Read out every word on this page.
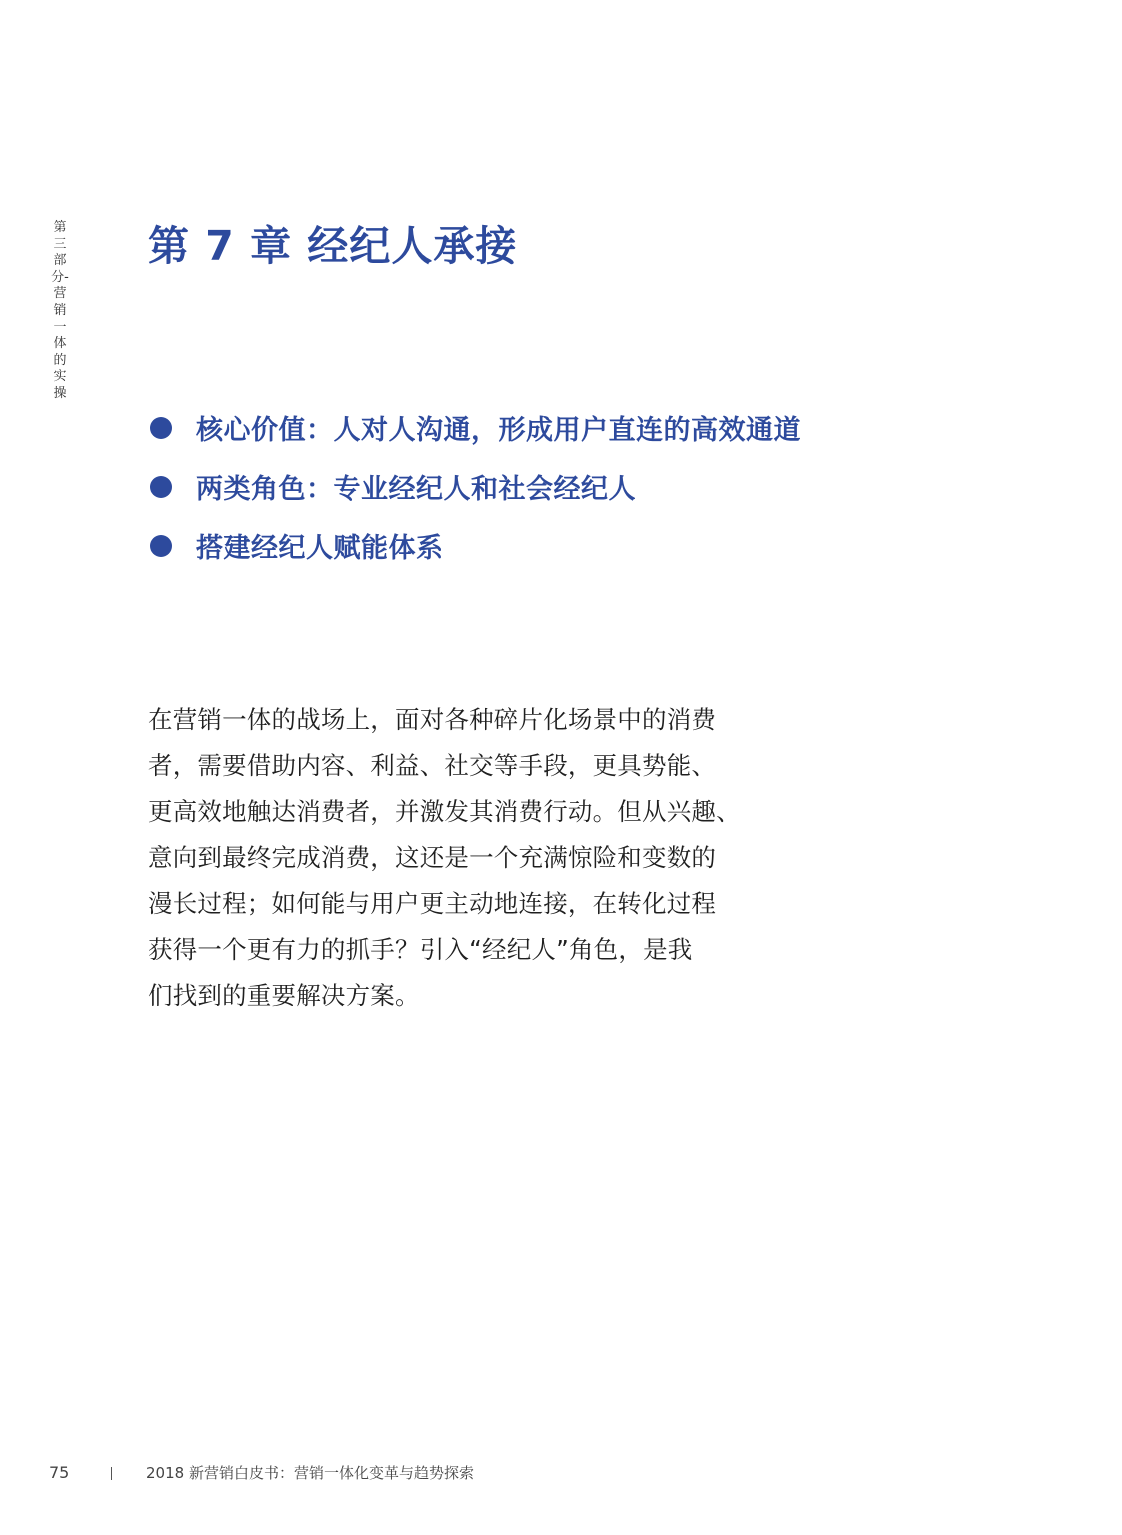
第三部分-营销一体的实操
第 7 章 经纪人承接
核心价值：人对人沟通，形成用户直连的高效通道
两类角色：专业经纪人和社会经纪人
搭建经纪人赋能体系
在营销一体的战场上，面对各种碎片化场景中的消费
者，需要借助内容、利益、社交等手段，更具势能、
更高效地触达消费者，并激发其消费行动。但从兴趣、
意向到最终完成消费，这还是一个充满惊险和变数的
漫长过程；如何能与用户更主动地连接，在转化过程
获得一个更有力的抓手？引入“经纪人”角色，是我
们找到的重要解决方案。
75	2018 新营销白皮书：营销一体化变革与趋势探索
